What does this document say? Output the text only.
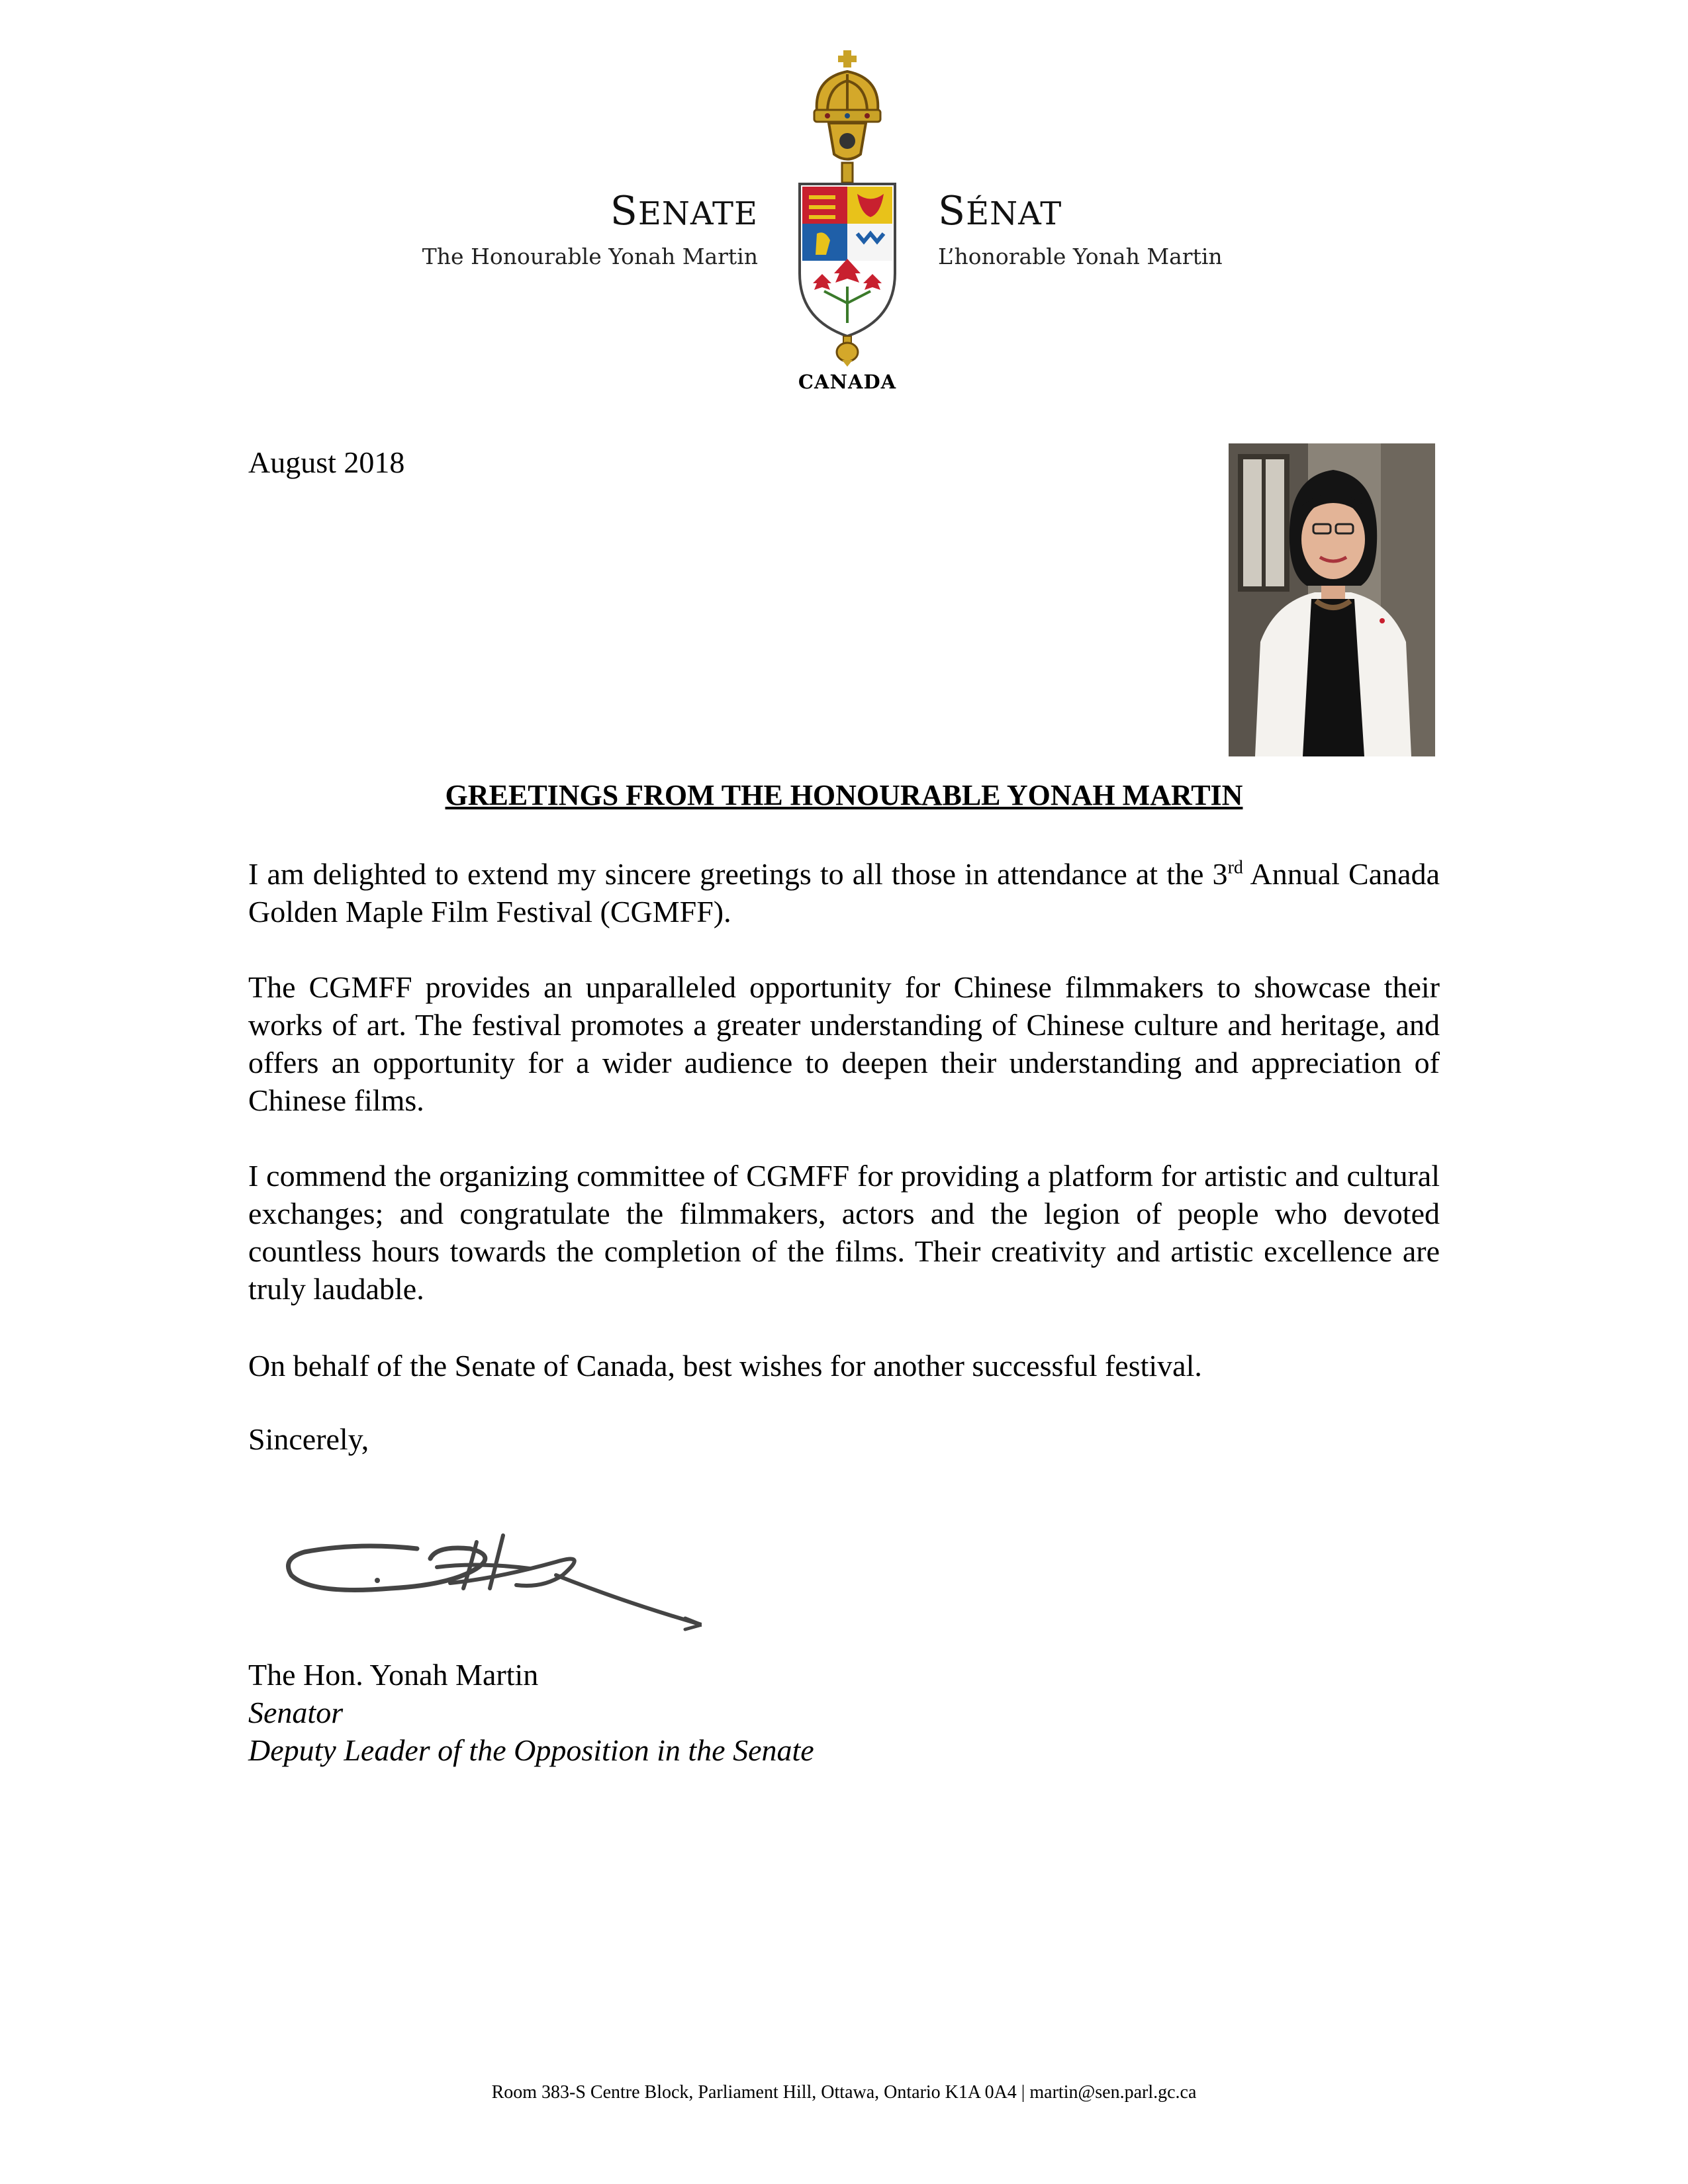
SENATE
The Honourable Yonah Martin
SÉNAT
L’honorable Yonah Martin
CANADA
August 2018
GREETINGS FROM THE HONOURABLE YONAH MARTIN
I am delighted to extend my sincere greetings to all those in attendance at the 3rd Annual Canada Golden Maple Film Festival (CGMFF).
The CGMFF provides an unparalleled opportunity for Chinese filmmakers to showcase their works of art. The festival promotes a greater understanding of Chinese culture and heritage, and offers an opportunity for a wider audience to deepen their understanding and appreciation of Chinese films.
I commend the organizing committee of CGMFF for providing a platform for artistic and cultural exchanges; and congratulate the filmmakers, actors and the legion of people who devoted countless hours towards the completion of the films. Their creativity and artistic excellence are truly laudable.
On behalf of the Senate of Canada, best wishes for another successful festival.
Sincerely,
The Hon. Yonah Martin
Senator
Deputy Leader of the Opposition in the Senate
Room 383-S Centre Block, Parliament Hill, Ottawa, Ontario K1A 0A4 | martin@sen.parl.gc.ca
